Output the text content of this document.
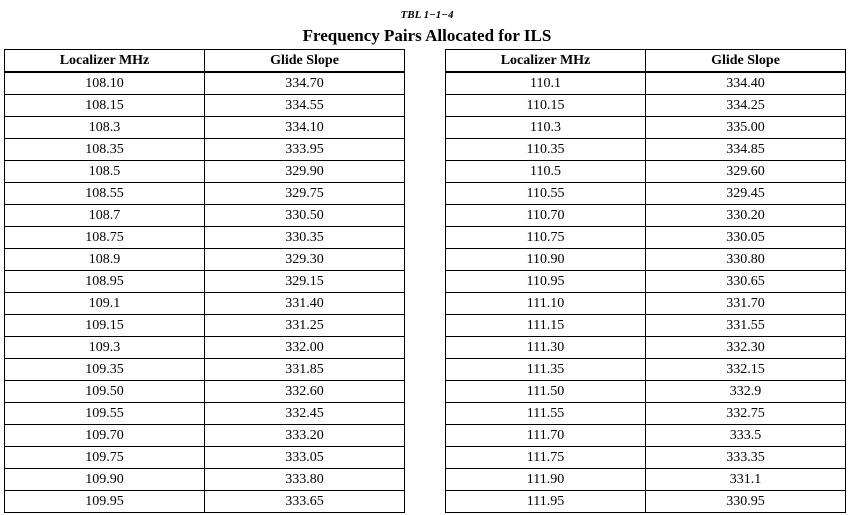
TBL 1−1−4
Frequency Pairs Allocated for ILS
Localizer MHz	Glide Slope
108.10	334.70
108.15	334.55
108.3	334.10
108.35	333.95
108.5	329.90
108.55	329.75
108.7	330.50
108.75	330.35
108.9	329.30
108.95	329.15
109.1	331.40
109.15	331.25
109.3	332.00
109.35	331.85
109.50	332.60
109.55	332.45
109.70	333.20
109.75	333.05
109.90	333.80
109.95	333.65
Localizer MHz	Glide Slope
110.1	334.40
110.15	334.25
110.3	335.00
110.35	334.85
110.5	329.60
110.55	329.45
110.70	330.20
110.75	330.05
110.90	330.80
110.95	330.65
111.10	331.70
111.15	331.55
111.30	332.30
111.35	332.15
111.50	332.9
111.55	332.75
111.70	333.5
111.75	333.35
111.90	331.1
111.95	330.95
